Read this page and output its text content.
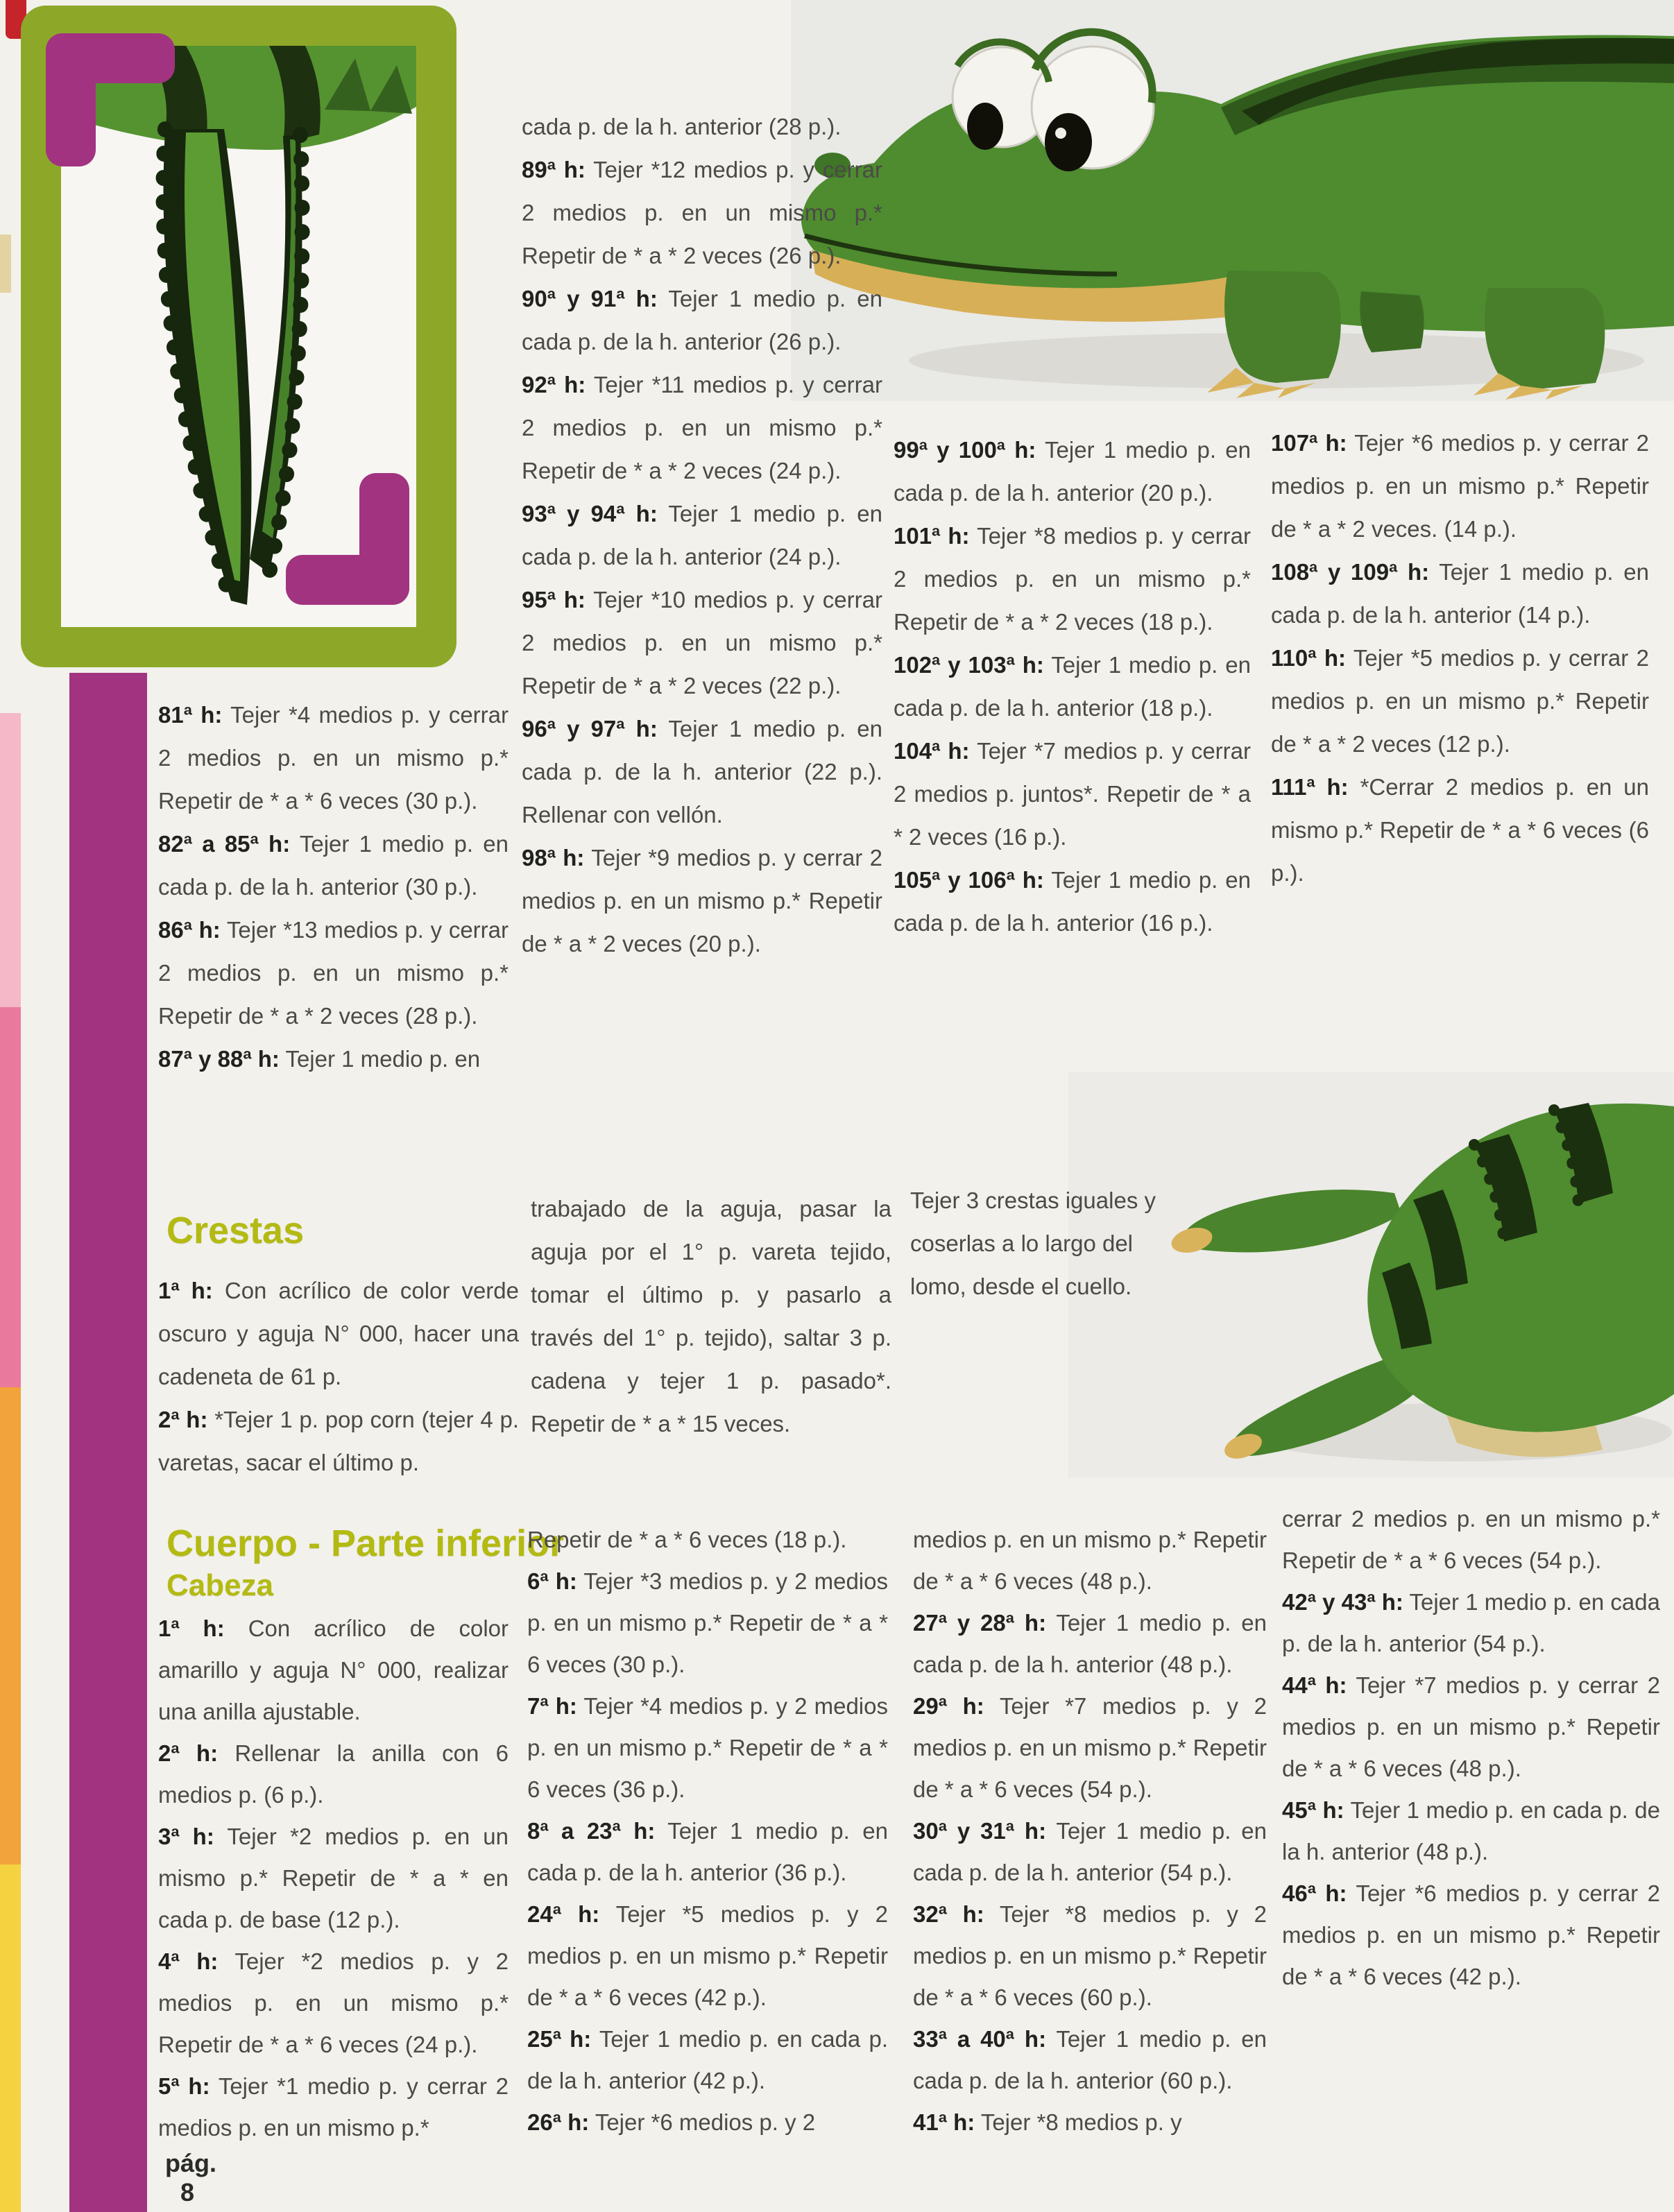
81ª h: Tejer *4 medios p. y cerrar 2 medios p. en un mismo p.* Repetir de * a * 6 veces (30 p.).

82ª a 85ª h: Tejer 1 medio p. en cada p. de la h. anterior (30 p.).

86ª h: Tejer *13 medios p. y cerrar 2 medios p. en un mismo p.* Repetir de * a * 2 veces (28 p.).

87ª y 88ª h: Tejer 1 medio p. en

cada p. de la h. anterior (28 p.).

89ª h: Tejer *12 medios p. y cerrar 2 medios p. en un mismo p.* Repetir de * a * 2 veces (26 p.).

90ª y 91ª h: Tejer 1 medio p. en cada p. de la h. anterior (26 p.).

92ª h: Tejer *11 medios p. y cerrar 2 medios p. en un mismo p.* Repetir de * a * 2 veces (24 p.).

93ª y 94ª h: Tejer 1 medio p. en cada p. de la h. anterior (24 p.).

95ª h: Tejer *10 medios p. y cerrar 2 medios p. en un mismo p.* Repetir de * a * 2 veces (22 p.).

96ª y 97ª h: Tejer 1 medio p. en cada p. de la h. anterior (22 p.). Rellenar con vellón.

98ª h: Tejer *9 medios p. y cerrar 2 medios p. en un mismo p.* Repetir de * a * 2 veces (20 p.).

99ª y 100ª h: Tejer 1 medio p. en cada p. de la h. anterior (20 p.).

101ª h: Tejer *8 medios p. y cerrar 2 medios p. en un mismo p.* Repetir de * a * 2 veces (18 p.).

102ª y 103ª h: Tejer 1 medio p. en cada p. de la h. anterior (18 p.).

104ª h: Tejer *7 medios p. y cerrar 2 medios p. juntos*. Repetir de * a * 2 veces (16 p.).

105ª y 106ª h: Tejer 1 medio p. en cada p. de la h. anterior (16 p.).

107ª h: Tejer *6 medios p. y cerrar 2 medios p. en un mismo p.* Repetir de * a * 2 veces. (14 p.).

108ª y 109ª h: Tejer 1 medio p. en cada p. de la h. anterior (14 p.).

110ª h: Tejer *5 medios p. y cerrar 2 medios p. en un mismo p.* Repetir de * a * 2 veces (12 p.).

111ª h: *Cerrar 2 medios p. en un mismo p.* Repetir de * a * 6 veces (6 p.).

Crestas

1ª h: Con acrílico de color verde oscuro y aguja N° 000, hacer una cadeneta de 61 p.

2ª h: *Tejer 1 p. pop corn (tejer 4 p. varetas, sacar el último p.

trabajado de la aguja, pasar la aguja por el 1° p. vareta tejido, tomar el último p. y pasarlo a través del 1° p. tejido), saltar 3 p. cadena y tejer 1 p. pasado*. Repetir de * a * 15 veces.

Tejer 3 crestas iguales y coserlas a lo largo del lomo, desde el cuello.

Cuerpo - Parte inferior
Cabeza

1ª h: Con acrílico de color amarillo y aguja N° 000, realizar una anilla ajustable.

2ª h: Rellenar la anilla con 6 medios p. (6 p.).

3ª h: Tejer *2 medios p. en un mismo p.* Repetir de * a * en cada p. de base (12 p.).

4ª h: Tejer *2 medios p. y 2 medios p. en un mismo p.* Repetir de * a * 6 veces (24 p.).

5ª h: Tejer *1 medio p. y cerrar 2 medios p. en un mismo p.*

Repetir de * a * 6 veces (18 p.).

6ª h: Tejer *3 medios p. y 2 medios p. en un mismo p.* Repetir de * a * 6 veces (30 p.).

7ª h: Tejer *4 medios p. y 2 medios p. en un mismo p.* Repetir de * a * 6 veces (36 p.).

8ª a 23ª h: Tejer 1 medio p. en cada p. de la h. anterior (36 p.).

24ª h: Tejer *5 medios p. y 2 medios p. en un mismo p.* Repetir de * a * 6 veces (42 p.).

25ª h: Tejer 1 medio p. en cada p. de la h. anterior (42 p.).

26ª h: Tejer *6 medios p. y 2

medios p. en un mismo p.* Repetir de * a * 6 veces (48 p.).

27ª y 28ª h: Tejer 1 medio p. en cada p. de la h. anterior (48 p.).

29ª h: Tejer *7 medios p. y 2 medios p. en un mismo p.* Repetir de * a * 6 veces (54 p.).

30ª y 31ª h: Tejer 1 medio p. en cada p. de la h. anterior (54 p.).

32ª h: Tejer *8 medios p. y 2 medios p. en un mismo p.* Repetir de * a * 6 veces (60 p.).

33ª a 40ª h: Tejer 1 medio p. en cada p. de la h. anterior (60 p.).

41ª h: Tejer *8 medios p. y

cerrar 2 medios p. en un mismo p.* Repetir de * a * 6 veces (54 p.).

42ª y 43ª h: Tejer 1 medio p. en cada p. de la h. anterior (54 p.).

44ª h: Tejer *7 medios p. y cerrar 2 medios p. en un mismo p.* Repetir de * a * 6 veces (48 p.).

45ª h: Tejer 1 medio p. en cada p. de la h. anterior (48 p.).

46ª h: Tejer *6 medios p. y cerrar 2 medios p. en un mismo p.* Repetir de * a * 6 veces (42 p.).

pág.
8
